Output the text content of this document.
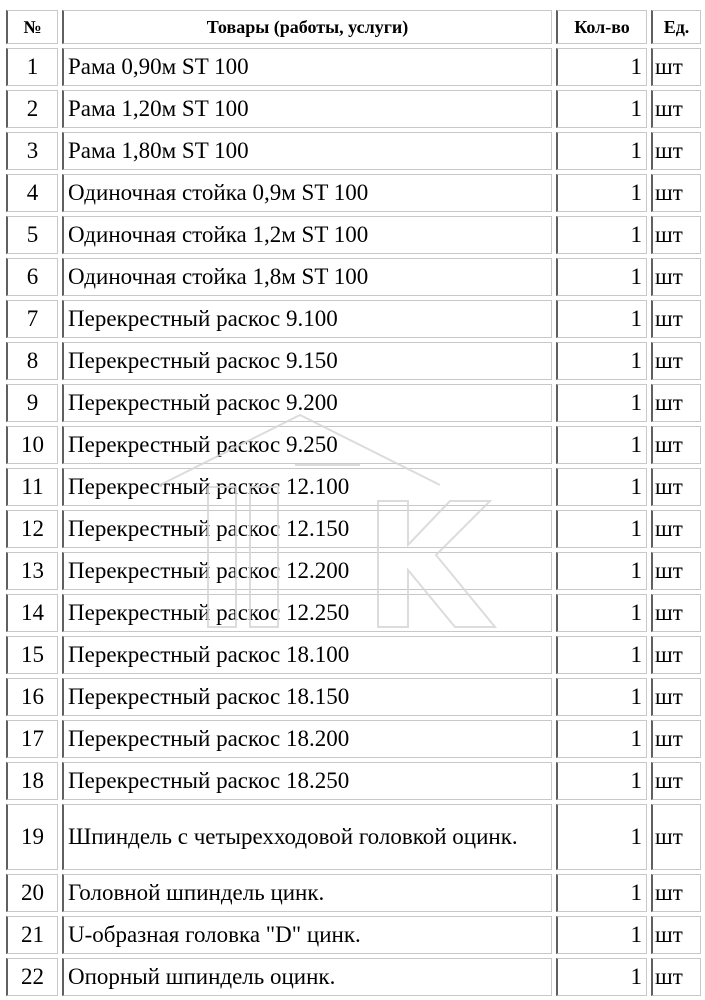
№	Товары (работы, услуги)	Кол-во	Ед.
1	Рама 0,90м ST 100	1	шт
2	Рама 1,20м ST 100	1	шт
3	Рама 1,80м ST 100	1	шт
4	Одиночная стойка 0,9м ST 100	1	шт
5	Одиночная стойка 1,2м ST 100	1	шт
6	Одиночная стойка 1,8м ST 100	1	шт
7	Перекрестный раскос 9.100	1	шт
8	Перекрестный раскос 9.150	1	шт
9	Перекрестный раскос 9.200	1	шт
10	Перекрестный раскос 9.250	1	шт
11	Перекрестный раскос 12.100	1	шт
12	Перекрестный раскос 12.150	1	шт
13	Перекрестный раскос 12.200	1	шт
14	Перекрестный раскос 12.250	1	шт
15	Перекрестный раскос 18.100	1	шт
16	Перекрестный раскос 18.150	1	шт
17	Перекрестный раскос 18.200	1	шт
18	Перекрестный раскос 18.250	1	шт
19	Шпиндель с четырехходовой головкой оцинк.	1	шт
20	Головной шпиндель цинк.	1	шт
21	U-образная головка "D" цинк.	1	шт
22	Опорный шпиндель оцинк.	1	шт
